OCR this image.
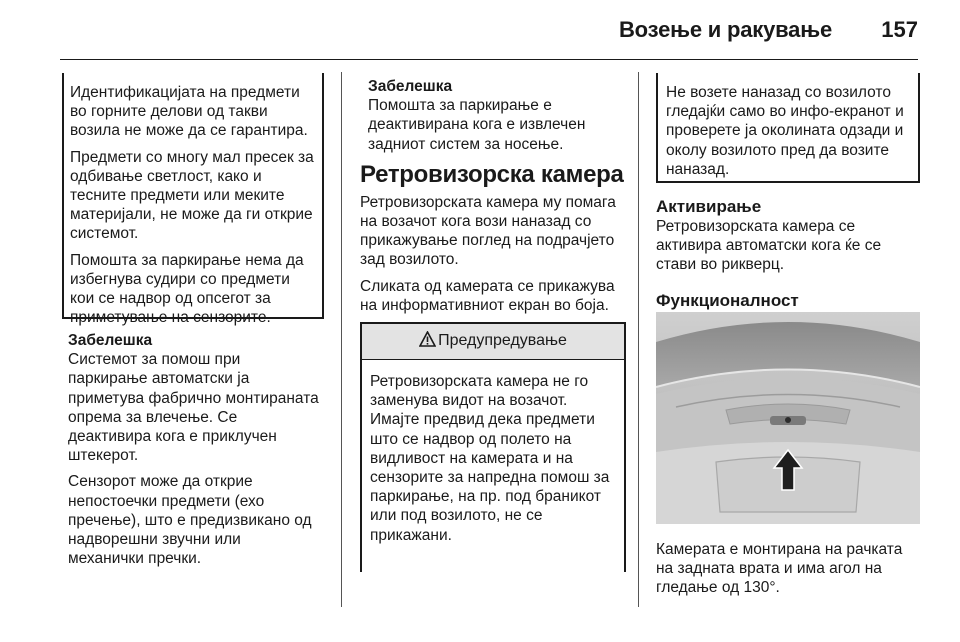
Возење и ракување 157

Идентификацијата на предмети во горните делови од такви возила не може да се гарантира.

Предмети со многу мал пресек за одбивање светлост, како и тесните предмети или меките материјали, не може да ги открие системот.

Помошта за паркирање нема да избегнува судири со предмети кои се надвор од опсегот за приметување на сензорите.

Забелешка

Системот за помош при паркирање автоматски ја приметува фабрично монтираната опрема за влечење. Се деактивира кога е приклучен штекерот.

Сензорот може да открие непостоечки предмети (ехо пречење), што е предизвикано од надворешни звучни или механички пречки.

Забелешка

Помошта за паркирање е деактивирана кога е извлечен задниот систем за носење.

Ретровизорска камера

Ретровизорската камера му помага на возачот кога вози наназад со прикажување поглед на подрачјето зад возилото.

Сликата од камерата се прикажува на информативниот екран во боја.

Предупредување

Ретровизорската камера не го заменува видот на возачот. Имајте предвид дека предмети што се надвор од полето на видливост на камерата и на сензорите за напредна помош за паркирање, на пр. под браникот или под возилото, не се прикажани.

Не возете наназад со возилото гледајќи само во инфо-екранот и проверете ја околината одзади и околу возилото пред да возите наназад.

Активирање

Ретровизорската камера се активира автоматски кога ќе се стави во рикверц.

Функционалност

Камерата е монтирана на рачката на задната врата и има агол на гледање од 130°.
